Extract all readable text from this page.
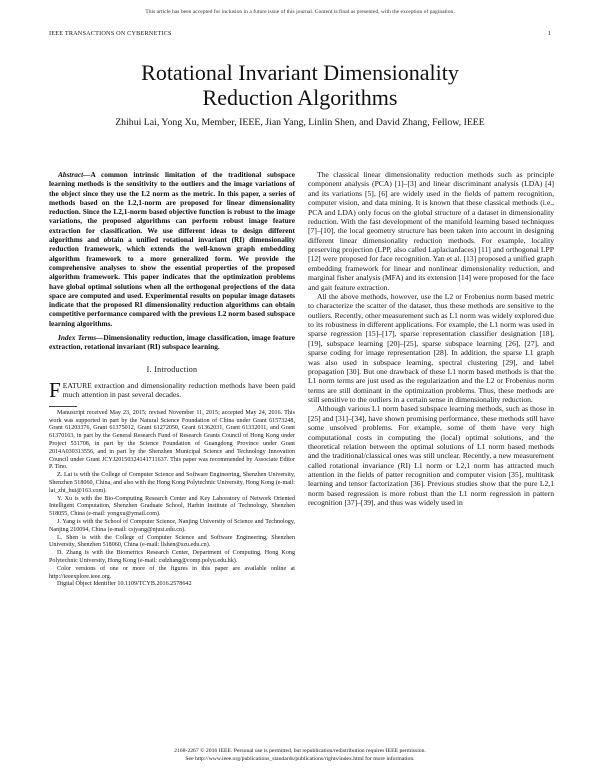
This article has been accepted for inclusion in a future issue of this journal. Content is final as presented, with the exception of pagination.
IEEE TRANSACTIONS ON CYBERNETICS	1
Rotational Invariant Dimensionality
Reduction Algorithms
Zhihui Lai, Yong Xu, Member, IEEE, Jian Yang, Linlin Shen, and David Zhang, Fellow, IEEE

Abstract—A common intrinsic limitation of the traditional subspace learning methods is the sensitivity to the outliers and the image variations of the object since they use the L2 norm as the metric. In this paper, a series of methods based on the L2,1-norm are proposed for linear dimensionality reduction. Since the L2,1-norm based objective function is robust to the image variations, the proposed algorithms can perform robust image feature extraction for classification. We use different ideas to design different algorithms and obtain a unified rotational invariant (RI) dimensionality reduction framework, which extends the well-known graph embedding algorithm framework to a more generalized form. We provide the comprehensive analyses to show the essential properties of the proposed algorithm framework. This paper indicates that the optimization problems have global optimal solutions when all the orthogonal projections of the data space are computed and used. Experimental results on popular image datasets indicate that the proposed RI dimensionality reduction algorithms can obtain competitive performance compared with the previous L2 norm based subspace learning algorithms.

Index Terms—Dimensionality reduction, image classification, image feature extraction, rotational invariant (RI) subspace learning.

I. Introduction

FEATURE extraction and dimensionality reduction methods have been paid much attention in past several decades.

Manuscript received May 23, 2015; revised November 11, 2015; accepted May 24, 2016. This work was supported in part by the Natural Science Foundation of China under Grant 61573248, Grant 61203376, Grant 61375012, Grant 61272050, Grant 61362031, Grant 61332011, and Grant 61370163, in part by the General Research Fund of Research Grants Council of Hong Kong under Project 531708, in part by the Science Foundation of Guangdong Province under Grant 2014A030313556, and in part by the Shenzhen Municipal Science and Technology Innovation Council under Grant JCYJ20150324141711637. This paper was recommended by Associate Editor P. Tino.

Z. Lai is with the College of Computer Science and Software Engineering, Shenzhen University, Shenzhen 518060, China, and also with the Hong Kong Polytechnic University, Hong Kong (e-mail: lai_zhi_hui@163.com).

Y. Xu is with the Bio-Computing Research Center and Key Laboratory of Network Oriented Intelligent Computation, Shenzhen Graduate School, Harbin Institute of Technology, Shenzhen 518055, China (e-mail: yongxu@ymail.com).

J. Yang is with the School of Computer Science, Nanjing University of Science and Technology, Nanjing 210094, China (e-mail: csjyang@njust.edu.cn).

L. Shen is with the College of Computer Science and Software Engineering, Shenzhen University, Shenzhen 518060, China (e-mail: llshen@szu.edu.cn).

D. Zhang is with the Biometrics Research Center, Department of Computing, Hong Kong Polytechnic University, Hong Kong (e-mail: csdzhang@comp.polyu.edu.hk).

Color versions of one or more of the figures in this paper are available online at http://ieeexplore.ieee.org.

Digital Object Identifier 10.1109/TCYB.2016.2578642

The classical linear dimensionality reduction methods such as principle component analysis (PCA) [1]–[3] and linear discriminant analysis (LDA) [4] and its variations [5], [6] are widely used in the fields of pattern recognition, computer vision, and data mining. It is known that these classical methods (i.e., PCA and LDA) only focus on the global structure of a dataset in dimensionality reduction. With the fast development of the manifold learning based techniques [7]–[10], the local geometry structure has been taken into account in designing different linear dimensionality reduction methods. For example, locality preserving projection (LPP, also called Laplacianfaces) [11] and orthogonal LPP [12] were proposed for face recognition. Yan et al. [13] proposed a unified graph embedding framework for linear and nonlinear dimensionality reduction, and marginal fisher analysis (MFA) and its extension [14] were proposed for the face and gait feature extraction.

All the above methods, however, use the L2 or Frobenius norm based metric to characterize the scatter of the dataset, thus these methods are sensitive to the outliers. Recently, other measurement such as L1 norm was widely explored due to its robustness in different applications. For example, the L1 norm was used in sparse regression [15]–[17], sparse representation classifier designation [18], [19], subspace learning [20]–[25], sparse subspace learning [26], [27], and sparse coding for image representation [28]. In addition, the sparse L1 graph was also used in subspace learning, spectral clustering [29], and label propagation [30]. But one drawback of these L1 norm based methods is that the L1 norm terms are just used as the regularization and the L2 or Frobenius norm terms are still dominant in the optimization problems. Thus, these methods are still sensitive to the outliers in a certain sense in dimensionality reduction.

Although various L1 norm based subspace learning methods, such as those in [25] and [31]–[34], have shown promising performance, these methods still have some unsolved problems. For example, some of them have very high computational costs in computing the (local) optimal solutions, and the theoretical relation between the optimal solutions of L1 norm based methods and the traditional/classical ones was still unclear. Recently, a new measurement called rotational invariance (RI) L1 norm or L2,1 norm has attracted much attention in the fields of patter recognition and computer vision [35], multitask learning and tensor factorization [36]. Previous studies show that the pure L2,1 norm based regression is more robust than the L1 norm regression in pattern recognition [37]–[39], and thus was widely used in

2168-2267 © 2016 IEEE. Personal use is permitted, but republication/redistribution requires IEEE permission.
See http://www.ieee.org/publications_standards/publications/rights/index.html for more information.
